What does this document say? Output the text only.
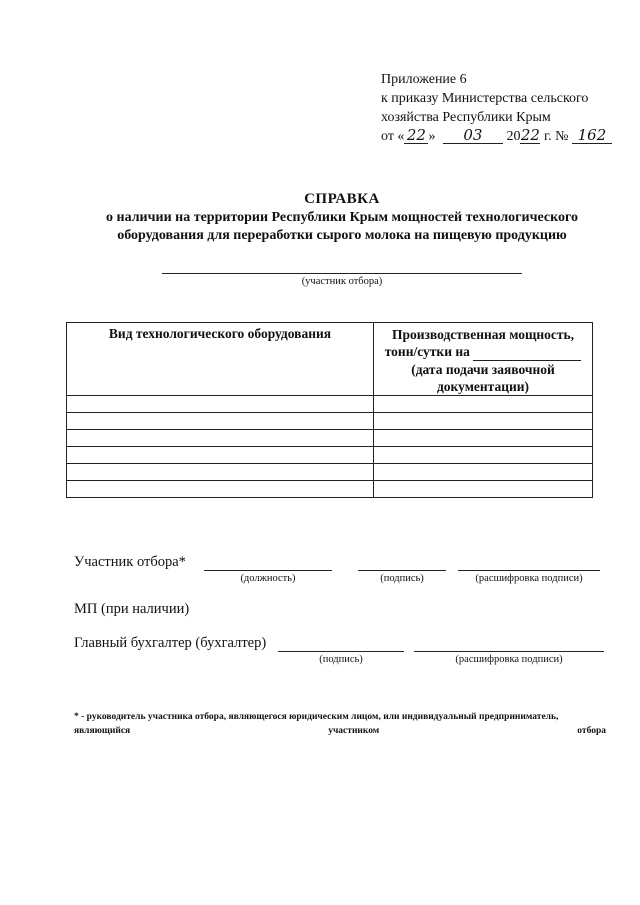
Приложение 6
к приказу Министерства сельского
хозяйства Республики Крым
от « 22 » 03 2022 г. № 162
СПРАВКА
о наличии на территории Республики Крым мощностей технологического
оборудования для переработки сырого молока на пищевую продукцию
(участник отбора)
Вид технологического оборудования	Производственная мощность,
тонн/сутки на
(дата подачи заявочной
документации)

Участник отбора*
(должность)	(подпись)	(расшифровка подписи)
МП (при наличии)
Главный бухгалтер (бухгалтер)
(подпись)	(расшифровка подписи)
* - руководитель участника отбора, являющегося юридическим лицом, или индивидуальный предприниматель,
являющийся	участником	отбора
